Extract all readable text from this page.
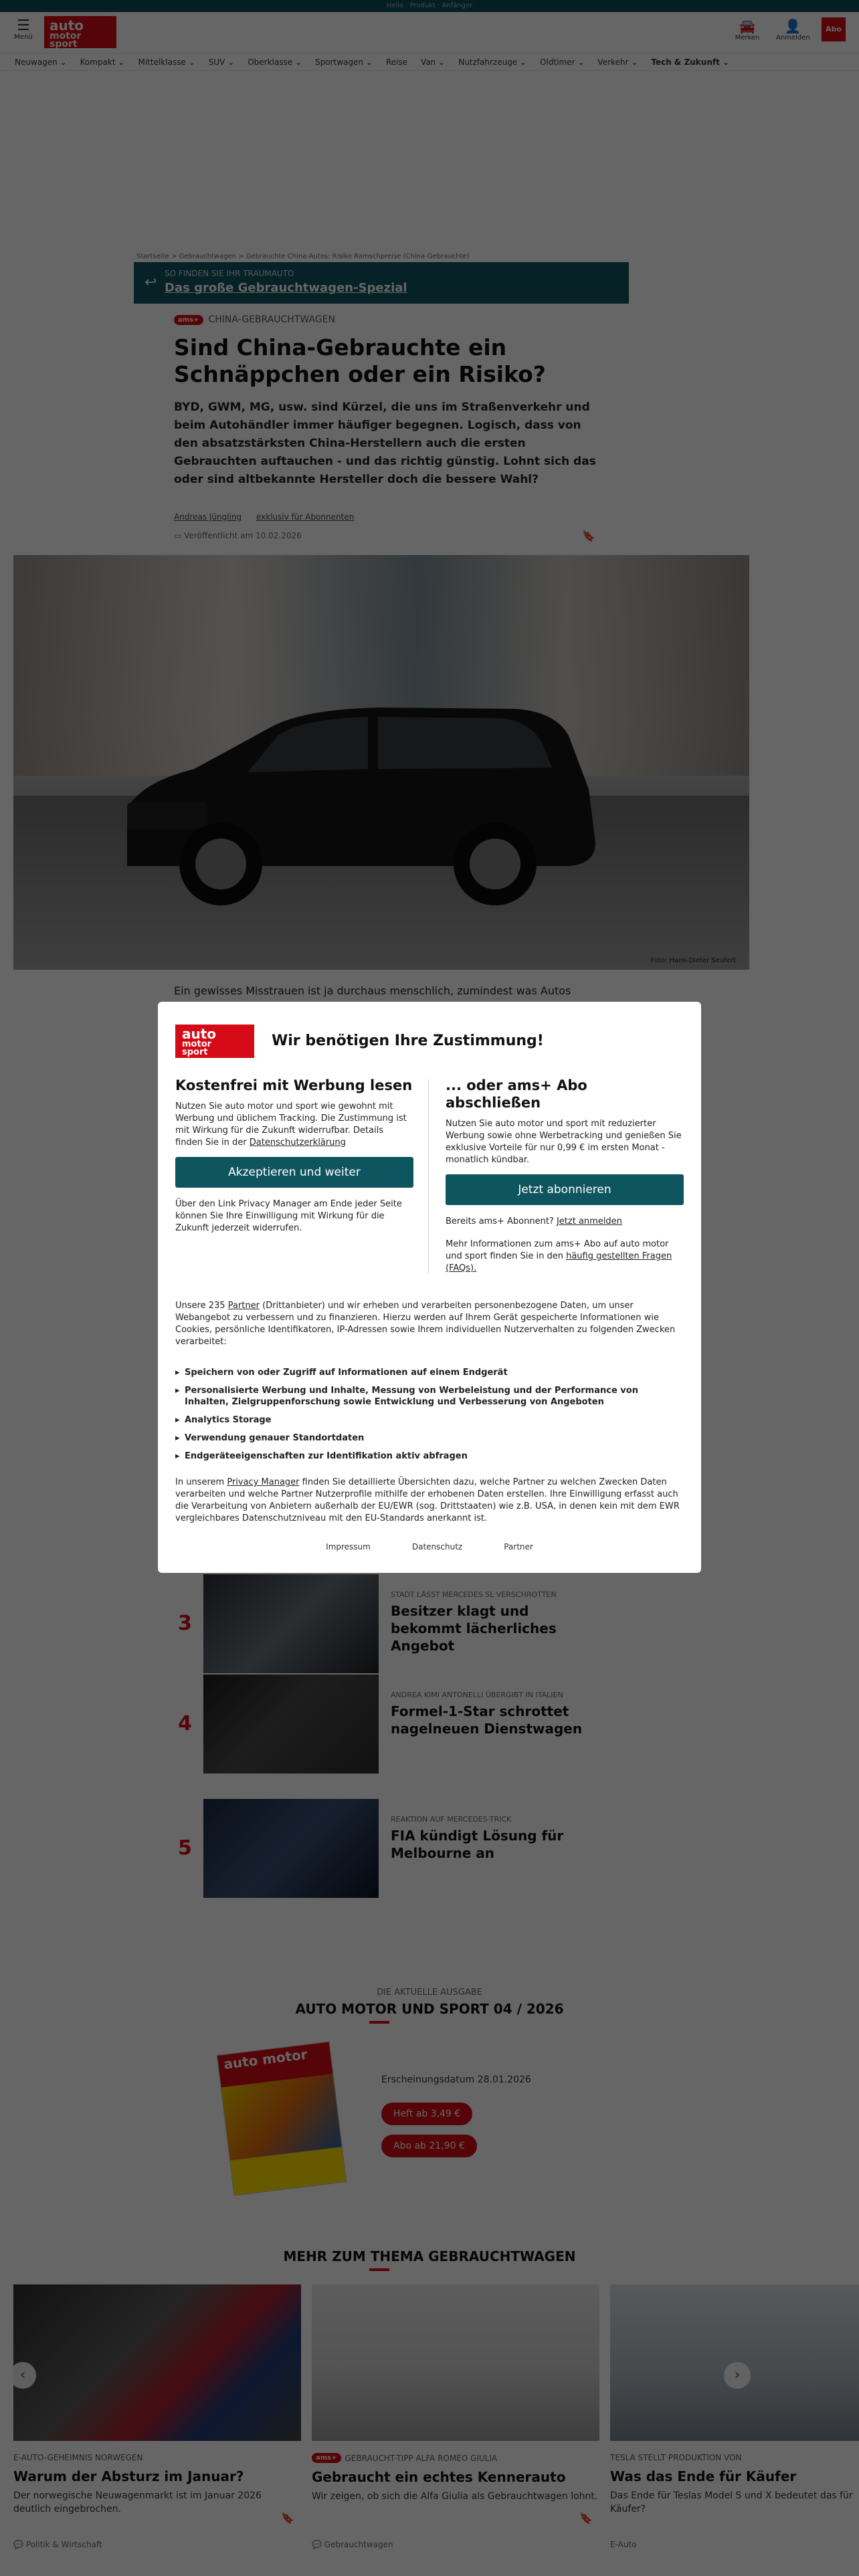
auto
motor
sport
Wir benötigen Ihre Zustimmung!
Kostenfrei mit Werbung lesen

Nutzen Sie auto motor und sport wie gewohnt mit Werbung und üblichem Tracking. Die Zustimmung ist mit Wirkung für die Zukunft widerrufbar. Details finden Sie in der Datenschutzerklärung

Akzeptieren und weiter

Über den Link Privacy Manager am Ende jeder Seite können Sie Ihre Einwilligung mit Wirkung für die Zukunft jederzeit widerrufen.

... oder ams+ Abo abschließen

Nutzen Sie auto motor und sport mit reduzierter Werbung sowie ohne Werbetracking und genießen Sie exklusive Vorteile für nur 0,99 € im ersten Monat - monatlich kündbar.

Jetzt abonnieren

Bereits ams+ Abonnent? Jetzt anmelden

Mehr Informationen zum ams+ Abo auf auto motor und sport finden Sie in den häufig gestellten Fragen (FAQs).

Unsere 235 Partner (Drittanbieter) und wir erheben und verarbeiten personenbezogene Daten, um unser Webangebot zu verbessern und zu finanzieren. Hierzu werden auf Ihrem Gerät gespeicherte Informationen wie Cookies, persönliche Identifikatoren, IP-Adressen sowie Ihrem individuellen Nutzerverhalten zu folgenden Zwecken verarbeitet:

▸ Speichern von oder Zugriff auf Informationen auf einem Endgerät
▸ Personalisierte Werbung und Inhalte, Messung von Werbeleistung und der Performance von Inhalten, Zielgruppenforschung sowie Entwicklung und Verbesserung von Angeboten
▸ Analytics Storage
▸ Verwendung genauer Standortdaten
▸ Endgeräteeigenschaften zur Identifikation aktiv abfragen

In unserem Privacy Manager finden Sie detaillierte Übersichten dazu, welche Partner zu welchen Zwecken Daten verarbeiten und welche Partner Nutzerprofile mithilfe der erhobenen Daten erstellen. Ihre Einwilligung erfasst auch die Verarbeitung von Anbietern außerhalb der EU/EWR (sog. Drittstaaten) wie z.B. USA, in denen kein mit dem EWR vergleichbares Datenschutzniveau mit den EU-Standards anerkannt ist.

Impressum	Datenschutz	Partner
